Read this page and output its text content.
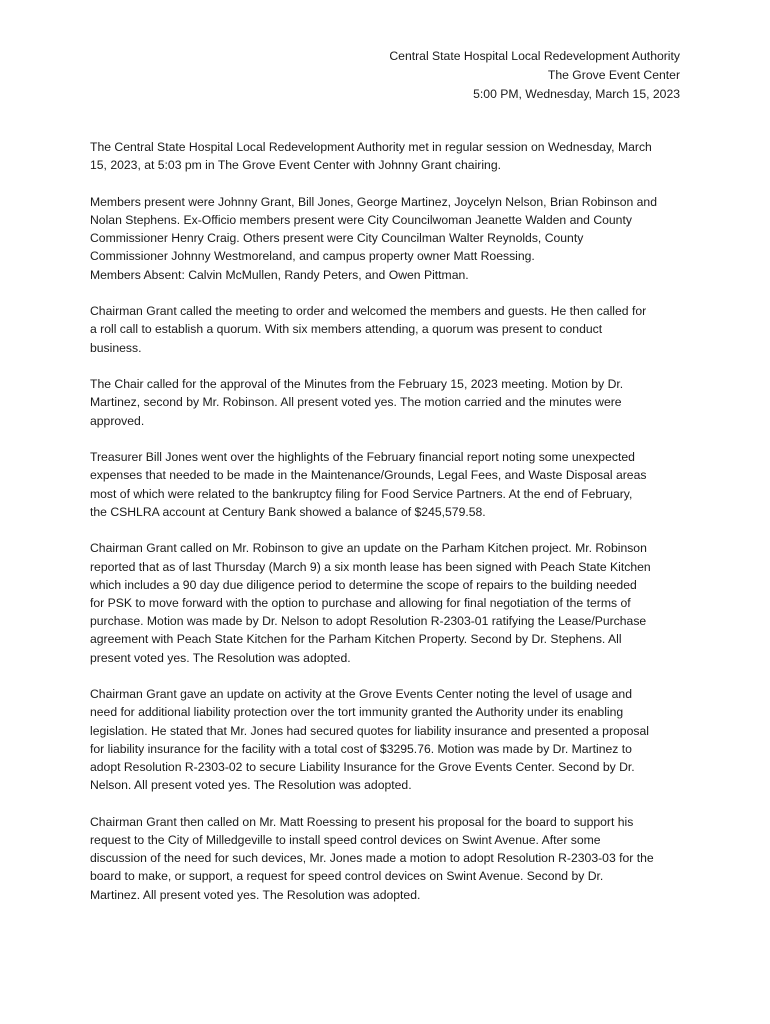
Central State Hospital Local Redevelopment Authority
The Grove Event Center
5:00 PM, Wednesday, March 15, 2023

The Central State Hospital Local Redevelopment Authority met in regular session on Wednesday, March
15, 2023, at 5:03 pm in The Grove Event Center with Johnny Grant chairing.

Members present were Johnny Grant, Bill Jones, George Martinez, Joycelyn Nelson, Brian Robinson and
Nolan Stephens. Ex-Officio members present were City Councilwoman Jeanette Walden and County
Commissioner Henry Craig. Others present were City Councilman Walter Reynolds, County
Commissioner Johnny Westmoreland, and campus property owner Matt Roessing.
Members Absent: Calvin McMullen, Randy Peters, and Owen Pittman.

Chairman Grant called the meeting to order and welcomed the members and guests. He then called for
a roll call to establish a quorum. With six members attending, a quorum was present to conduct
business.

The Chair called for the approval of the Minutes from the February 15, 2023 meeting. Motion by Dr.
Martinez, second by Mr. Robinson. All present voted yes. The motion carried and the minutes were
approved.

Treasurer Bill Jones went over the highlights of the February financial report noting some unexpected
expenses that needed to be made in the Maintenance/Grounds, Legal Fees, and Waste Disposal areas
most of which were related to the bankruptcy filing for Food Service Partners. At the end of February,
the CSHLRA account at Century Bank showed a balance of $245,579.58.

Chairman Grant called on Mr. Robinson to give an update on the Parham Kitchen project. Mr. Robinson
reported that as of last Thursday (March 9) a six month lease has been signed with Peach State Kitchen
which includes a 90 day due diligence period to determine the scope of repairs to the building needed
for PSK to move forward with the option to purchase and allowing for final negotiation of the terms of
purchase. Motion was made by Dr. Nelson to adopt Resolution R-2303-01 ratifying the Lease/Purchase
agreement with Peach State Kitchen for the Parham Kitchen Property. Second by Dr. Stephens. All
present voted yes. The Resolution was adopted.

Chairman Grant gave an update on activity at the Grove Events Center noting the level of usage and
need for additional liability protection over the tort immunity granted the Authority under its enabling
legislation. He stated that Mr. Jones had secured quotes for liability insurance and presented a proposal
for liability insurance for the facility with a total cost of $3295.76. Motion was made by Dr. Martinez to
adopt Resolution R-2303-02 to secure Liability Insurance for the Grove Events Center. Second by Dr.
Nelson. All present voted yes. The Resolution was adopted.

Chairman Grant then called on Mr. Matt Roessing to present his proposal for the board to support his
request to the City of Milledgeville to install speed control devices on Swint Avenue. After some
discussion of the need for such devices, Mr. Jones made a motion to adopt Resolution R-2303-03 for the
board to make, or support, a request for speed control devices on Swint Avenue. Second by Dr.
Martinez. All present voted yes. The Resolution was adopted.
